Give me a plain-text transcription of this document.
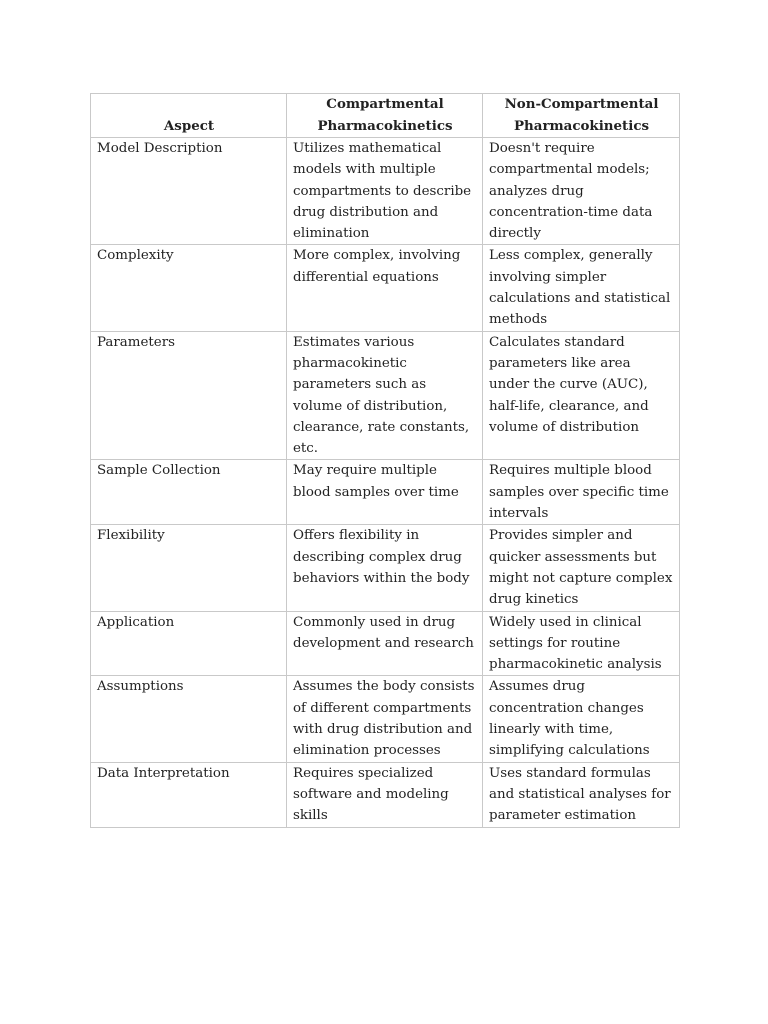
Aspect	Compartmental Pharmacokinetics	Non-Compartmental Pharmacokinetics
Model Description	Utilizes mathematical models with multiple compartments to describe drug distribution and elimination	Doesn't require compartmental models; analyzes drug concentration-time data directly
Complexity	More complex, involving differential equations	Less complex, generally involving simpler calculations and statistical methods
Parameters	Estimates various pharmacokinetic parameters such as volume of distribution, clearance, rate constants, etc.	Calculates standard parameters like area under the curve (AUC), half-life, clearance, and volume of distribution
Sample Collection	May require multiple blood samples over time	Requires multiple blood samples over specific time intervals
Flexibility	Offers flexibility in describing complex drug behaviors within the body	Provides simpler and quicker assessments but might not capture complex drug kinetics
Application	Commonly used in drug development and research	Widely used in clinical settings for routine pharmacokinetic analysis
Assumptions	Assumes the body consists of different compartments with drug distribution and elimination processes	Assumes drug concentration changes linearly with time, simplifying calculations
Data Interpretation	Requires specialized software and modeling skills	Uses standard formulas and statistical analyses for parameter estimation
